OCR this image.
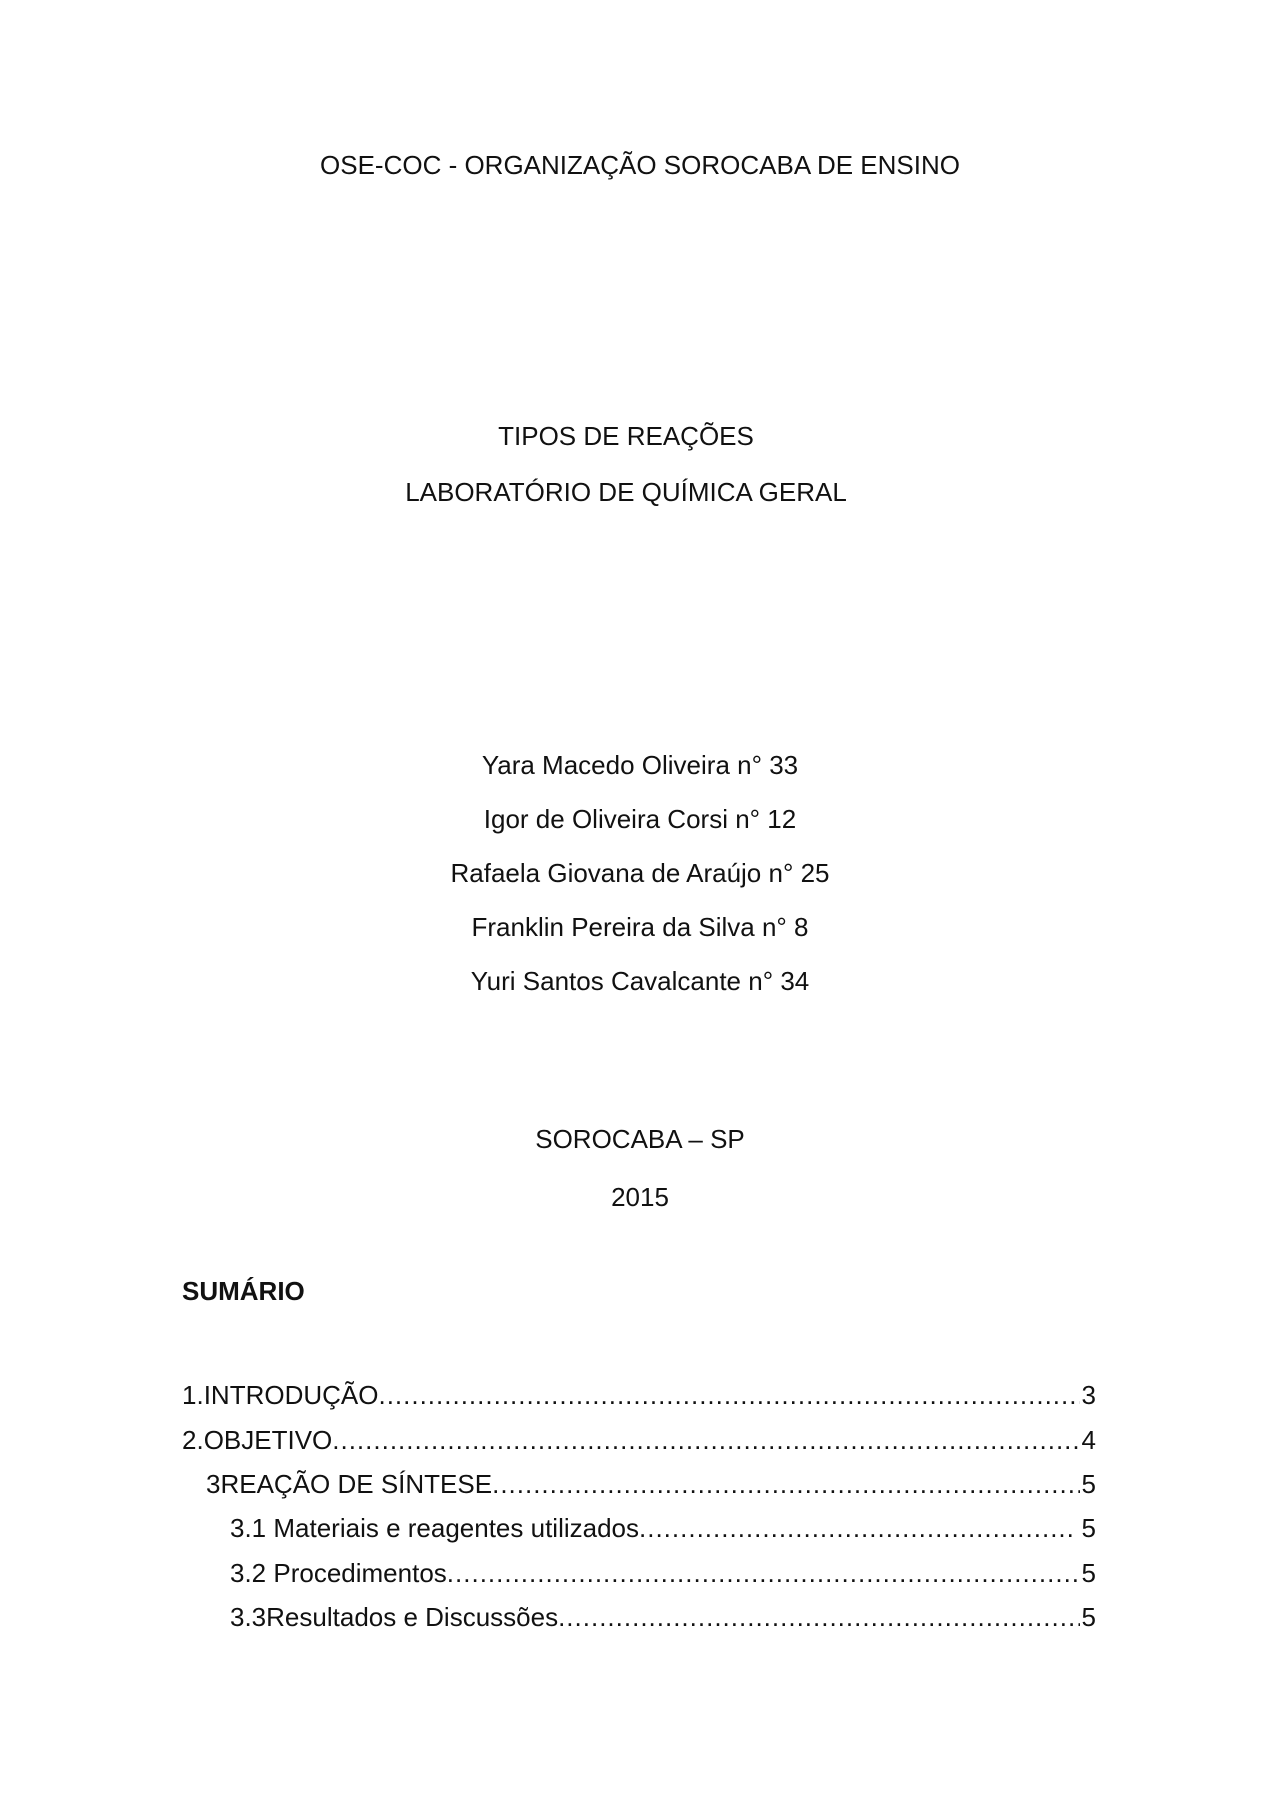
OSE-COC - ORGANIZAÇÃO SOROCABA DE ENSINO
TIPOS DE REAÇÕES
LABORATÓRIO DE QUÍMICA GERAL
Yara Macedo Oliveira n° 33
Igor de Oliveira Corsi n° 12
Rafaela Giovana de Araújo n° 25
Franklin Pereira da Silva n° 8
Yuri Santos Cavalcante n° 34
SOROCABA – SP
2015
SUMÁRIO
1. INTRODUÇÃO .....	3
2. OBJETIVO .....	4
3 REAÇÃO DE SÍNTESE .....	5
3.1 Materiais e reagentes utilizados .....	5
3.2 Procedimentos .....	5
3.3 Resultados e Discussões .....	5
